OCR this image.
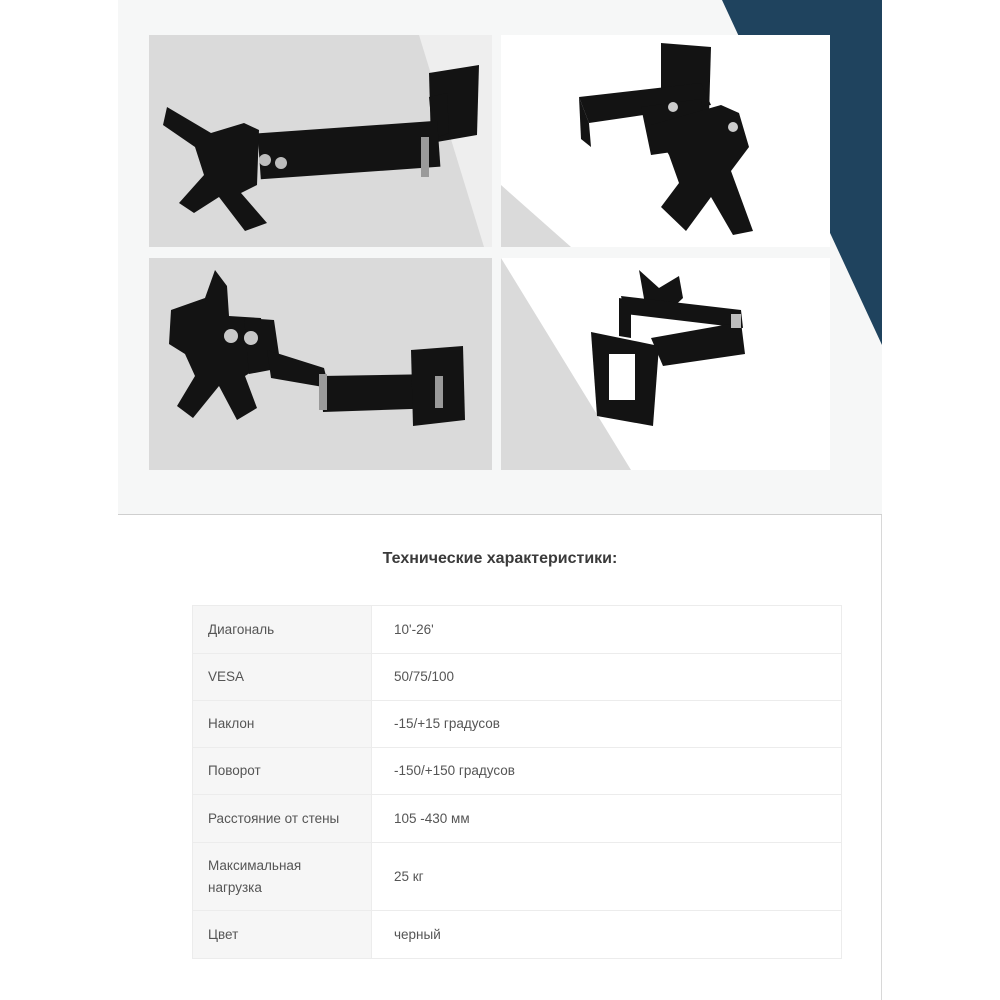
Технические характеристики:
Диагональ	10'-26'
VESA	50/75/100
Наклон	-15/+15 градусов
Поворот	-150/+150 градусов
Расстояние от стены	105 -430 мм
Максимальная нагрузка	25 кг
Цвет	черный
